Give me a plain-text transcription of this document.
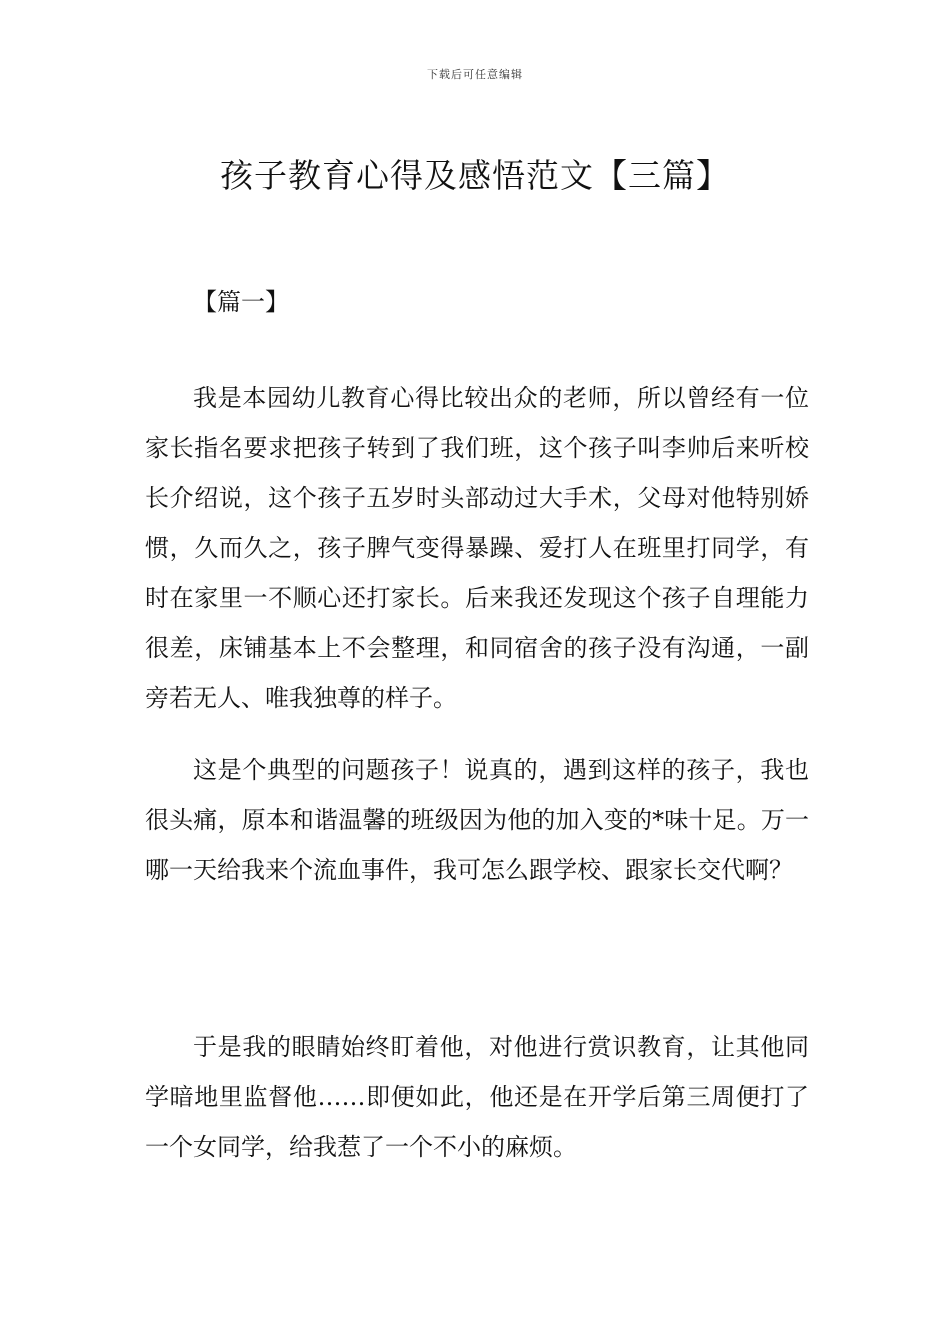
下载后可任意编辑
孩子教育心得及感悟范文【三篇】
【篇一】

我是本园幼儿教育心得比较出众的老师，所以曾经有一位家长指名要求把孩子转到了我们班，这个孩子叫李帅后来听校长介绍说，这个孩子五岁时头部动过大手术，父母对他特别娇惯，久而久之，孩子脾气变得暴躁、爱打人在班里打同学，有时在家里一不顺心还打家长。后来我还发现这个孩子自理能力很差，床铺基本上不会整理，和同宿舍的孩子没有沟通，一副旁若无人、唯我独尊的样子。

这是个典型的问题孩子！说真的，遇到这样的孩子，我也很头痛，原本和谐温馨的班级因为他的加入变的*味十足。万一哪一天给我来个流血事件，我可怎么跟学校、跟家长交代啊？

于是我的眼睛始终盯着他，对他进行赏识教育，让其他同学暗地里监督他……即便如此，他还是在开学后第三周便打了一个女同学，给我惹了一个不小的麻烦。
